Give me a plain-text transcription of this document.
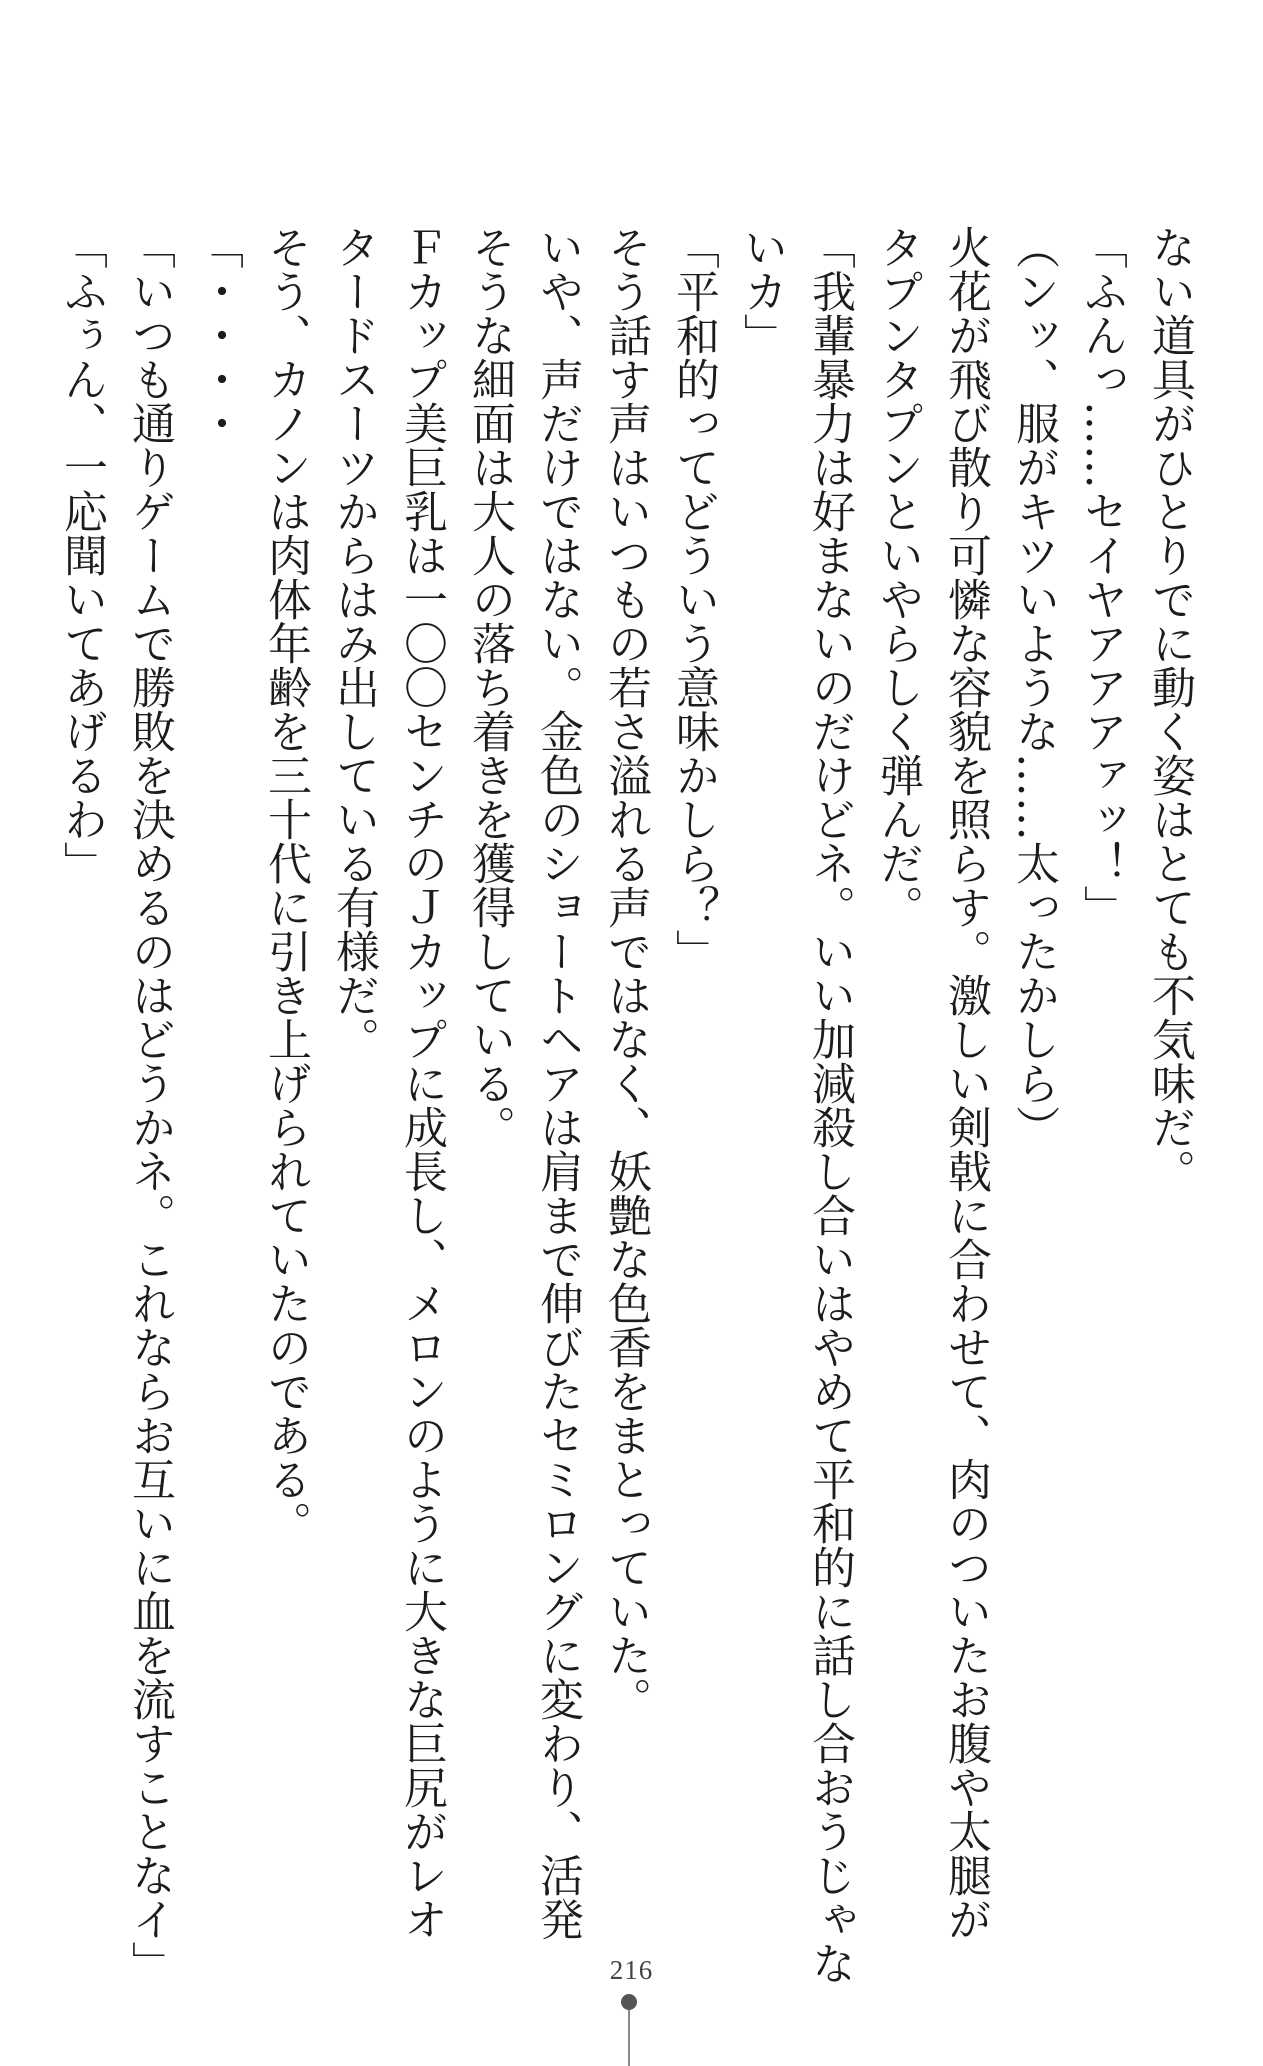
ない道具がひとりでに動く姿はとても不気味だ。
「ふんっ……セイヤアアアァッ！」
（ンッ、服がキツいような……太ったかしら）
火花が飛び散り可憐な容貌を照らす。激しい剣戟に合わせて、肉のついたお腹や太腿が
タプンタプンといやらしく弾んだ。
「我輩暴力は好まないのだけどネ。いい加減殺し合いはやめて平和的に話し合おうじゃな
いカ」
「平和的ってどういう意味かしら？」
そう話す声はいつもの若さ溢れる声ではなく、妖艶な色香をまとっていた。
いや、声だけではない。金色のショートヘアは肩まで伸びたセミロングに変わり、活発
そうな細面は大人の落ち着きを獲得している。
Ｆカップ美巨乳は一〇〇センチのＪカップに成長し、メロンのように大きな巨尻がレオ
タードスーツからはみ出している有様だ。
そう、カノンは肉体年齢を三十代に引き上げられていたのである。
「・・・・
「いつも通りゲームで勝敗を決めるのはどうかネ。これならお互いに血を流すことなイ」
「ふぅん、一応聞いてあげるわ」
216
